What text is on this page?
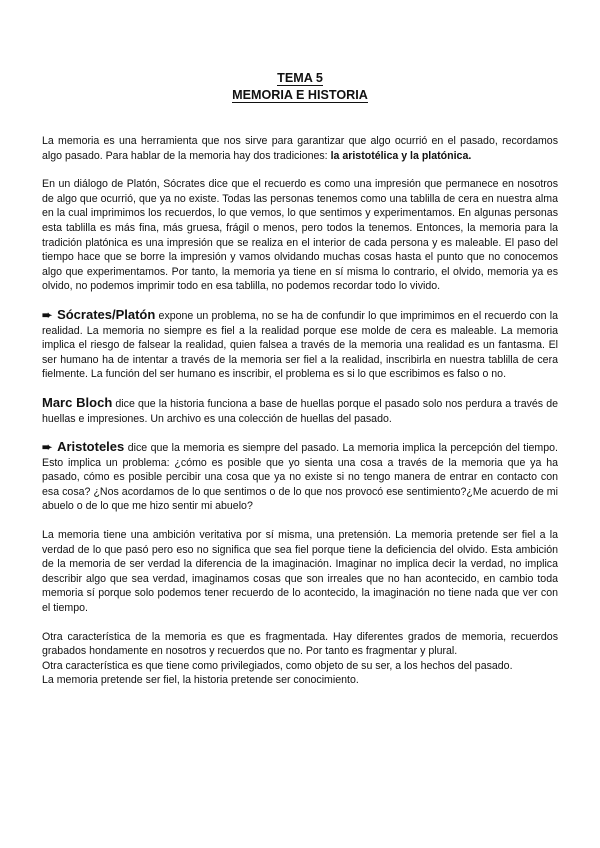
TEMA 5
MEMORIA E HISTORIA

La memoria es una herramienta que nos sirve para garantizar que algo ocurrió en el pasado, recordamos algo pasado. Para hablar de la memoria hay dos tradiciones: la aristotélica y la platónica.

En un diálogo de Platón, Sócrates dice que el recuerdo es como una impresión que permanece en nosotros de algo que ocurrió, que ya no existe. Todas las personas tenemos como una tablilla de cera en nuestra alma en la cual imprimimos los recuerdos, lo que vemos, lo que sentimos y experimentamos. En algunas personas esta tablilla es más fina, más gruesa, frágil o menos, pero todos la tenemos. Entonces, la memoria para la tradición platónica es una impresión que se realiza en el interior de cada persona y es maleable. El paso del tiempo hace que se borre la impresión y vamos olvidando muchas cosas hasta el punto que no conocemos algo que experimentamos. Por tanto, la memoria ya tiene en sí misma lo contrario, el olvido, memoria ya es olvido, no podemos imprimir todo en esa tablilla, no podemos recordar todo lo vivido.

➨ Sócrates/Platón expone un problema, no se ha de confundir lo que imprimimos en el recuerdo con la realidad. La memoria no siempre es fiel a la realidad porque ese molde de cera es maleable. La memoria implica el riesgo de falsear la realidad, quien falsea a través de la memoria una realidad es un fantasma. El ser humano ha de intentar a través de la memoria ser fiel a la realidad, inscribirla en nuestra tablilla de cera fielmente. La función del ser humano es inscribir, el problema es si lo que escribimos es falso o no.

Marc Bloch dice que la historia funciona a base de huellas porque el pasado solo nos perdura a través de huellas e impresiones. Un archivo es una colección de huellas del pasado.

➨ Aristoteles dice que la memoria es siempre del pasado. La memoria implica la percepción del tiempo. Esto implica un problema: ¿cómo es posible que yo sienta una cosa a través de la memoria que ya ha pasado, cómo es posible percibir una cosa que ya no existe si no tengo manera de entrar en contacto con esa cosa? ¿Nos acordamos de lo que sentimos o de lo que nos provocó ese sentimiento?¿Me acuerdo de mi abuelo o de lo que me hizo sentir mi abuelo?

La memoria tiene una ambición veritativa por sí misma, una pretensión. La memoria pretende ser fiel a la verdad de lo que pasó pero eso no significa que sea fiel porque tiene la deficiencia del olvido. Esta ambición de la memoria de ser verdad la diferencia de la imaginación. Imaginar no implica decir la verdad, no implica describir algo que sea verdad, imaginamos cosas que son irreales que no han acontecido, en cambio toda memoria sí porque solo podemos tener recuerdo de lo acontecido, la imaginación no tiene nada que ver con el tiempo.

Otra característica de la memoria es que es fragmentada. Hay diferentes grados de memoria, recuerdos grabados hondamente en nosotros y recuerdos que no. Por tanto es fragmentar y plural.

Otra característica es que tiene como privilegiados, como objeto de su ser, a los hechos del pasado.

La memoria pretende ser fiel, la historia pretende ser conocimiento.
